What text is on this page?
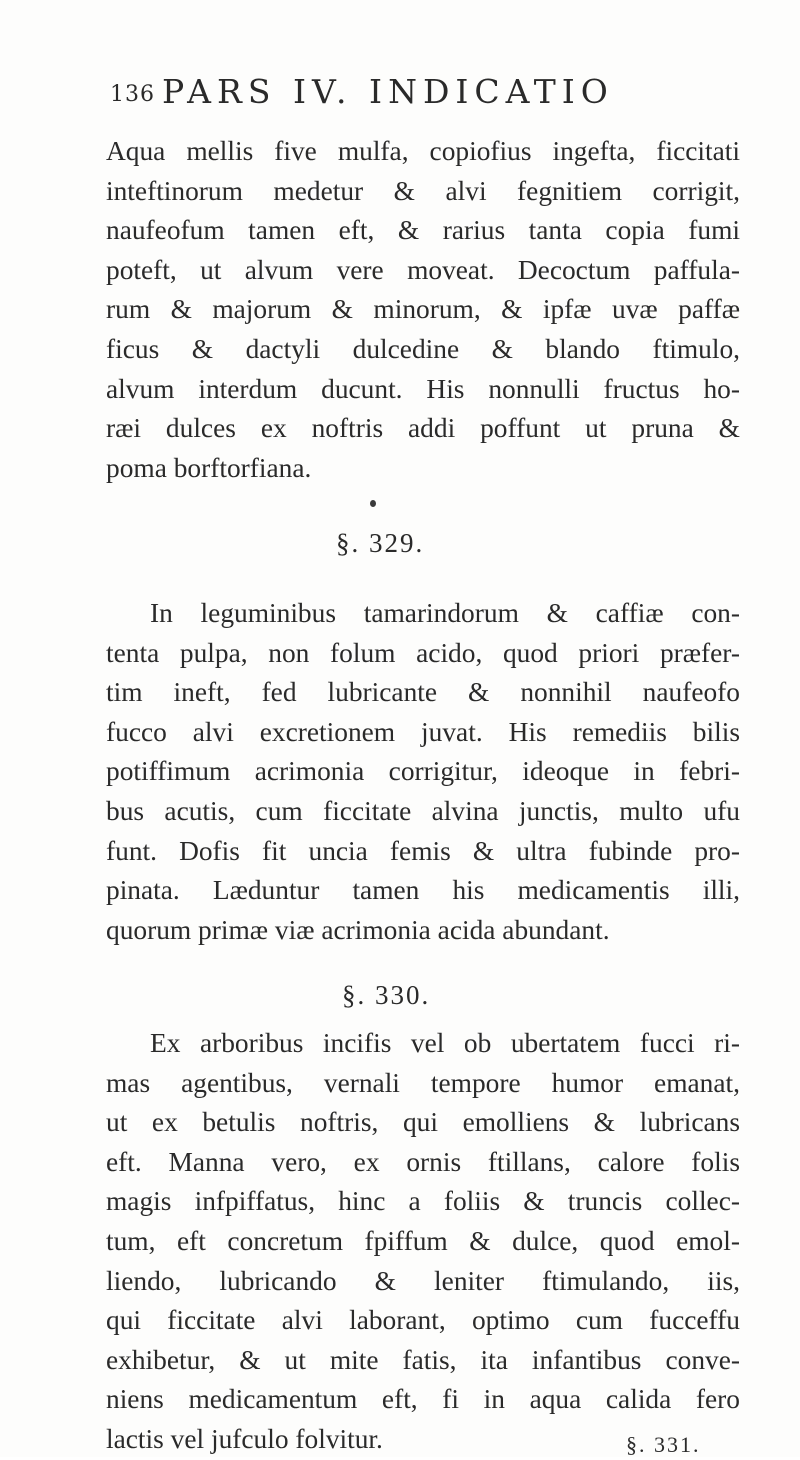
136 PARS IV. INDICATIO
Aqua mellis five mulfa, copiofius ingefta, ficcitati
inteftinorum medetur & alvi fegnitiem corrigit,
naufeofum tamen eft, & rarius tanta copia fumi
poteft, ut alvum vere moveat. Decoctum paffula-
rum & majorum & minorum, & ipfæ uvæ paffæ
ficus & dactyli dulcedine & blando ftimulo,
alvum interdum ducunt. His nonnulli fructus ho-
ræi dulces ex noftris addi poffunt ut pruna &
poma borftorfiana.
§. 329.
In leguminibus tamarindorum & caffiæ con-
tenta pulpa, non folum acido, quod priori præfer-
tim ineft, fed lubricante & nonnihil naufeofo
fucco alvi excretionem juvat. His remediis bilis
potiffimum acrimonia corrigitur, ideoque in febri-
bus acutis, cum ficcitate alvina junctis, multo ufu
funt. Dofis fit uncia femis & ultra fubinde pro-
pinata. Læduntur tamen his medicamentis illi,
quorum primæ viæ acrimonia acida abundant.
§. 330.
Ex arboribus incifis vel ob ubertatem fucci ri-
mas agentibus, vernali tempore humor emanat,
ut ex betulis noftris, qui emolliens & lubricans
eft. Manna vero, ex ornis ftillans, calore folis
magis infpiffatus, hinc a foliis & truncis collec-
tum, eft concretum fpiffum & dulce, quod emol-
liendo, lubricando & leniter ftimulando, iis,
qui ficcitate alvi laborant, optimo cum fucceffu
exhibetur, & ut mite fatis, ita infantibus conve-
niens medicamentum eft, fi in aqua calida fero
lactis vel jufculo folvitur.	§. 331.
